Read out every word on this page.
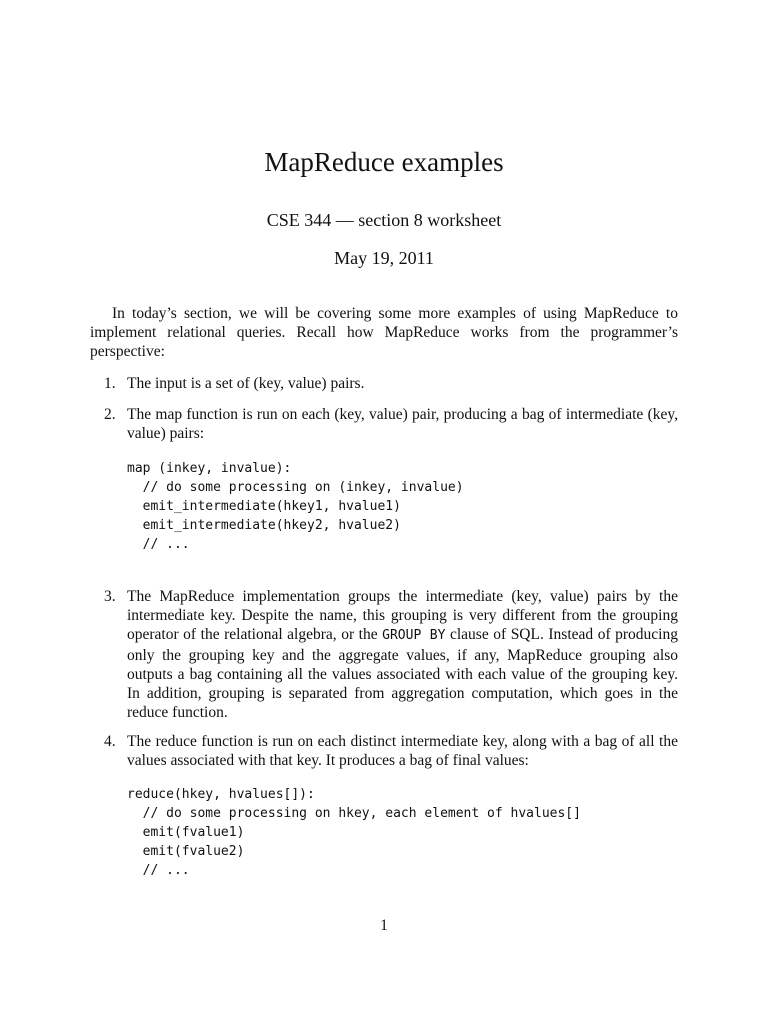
MapReduce examples
CSE 344 — section 8 worksheet
May 19, 2011

In today’s section, we will be covering some more examples of using MapReduce to implement relational queries. Recall how MapReduce works from the programmer’s perspective:

1. The input is a set of (key, value) pairs.

2. The map function is run on each (key, value) pair, producing a bag of intermediate (key, value) pairs:

map (inkey, invalue):
// do some processing on (inkey, invalue)
emit_intermediate(hkey1, hvalue1)
emit_intermediate(hkey2, hvalue2)
// ...
3. The MapReduce implementation groups the intermediate (key, value) pairs by the intermediate key. Despite the name, this grouping is very different from the grouping operator of the relational algebra, or the GROUP BY clause of SQL. Instead of producing only the grouping key and the aggregate values, if any, MapReduce grouping also outputs a bag containing all the values associated with each value of the grouping key. In addition, grouping is separated from aggregation computation, which goes in the reduce function.

4. The reduce function is run on each distinct intermediate key, along with a bag of all the values associated with that key. It produces a bag of final values:

reduce(hkey, hvalues[]):
// do some processing on hkey, each element of hvalues[]
emit(fvalue1)
emit(fvalue2)
// ...
1
